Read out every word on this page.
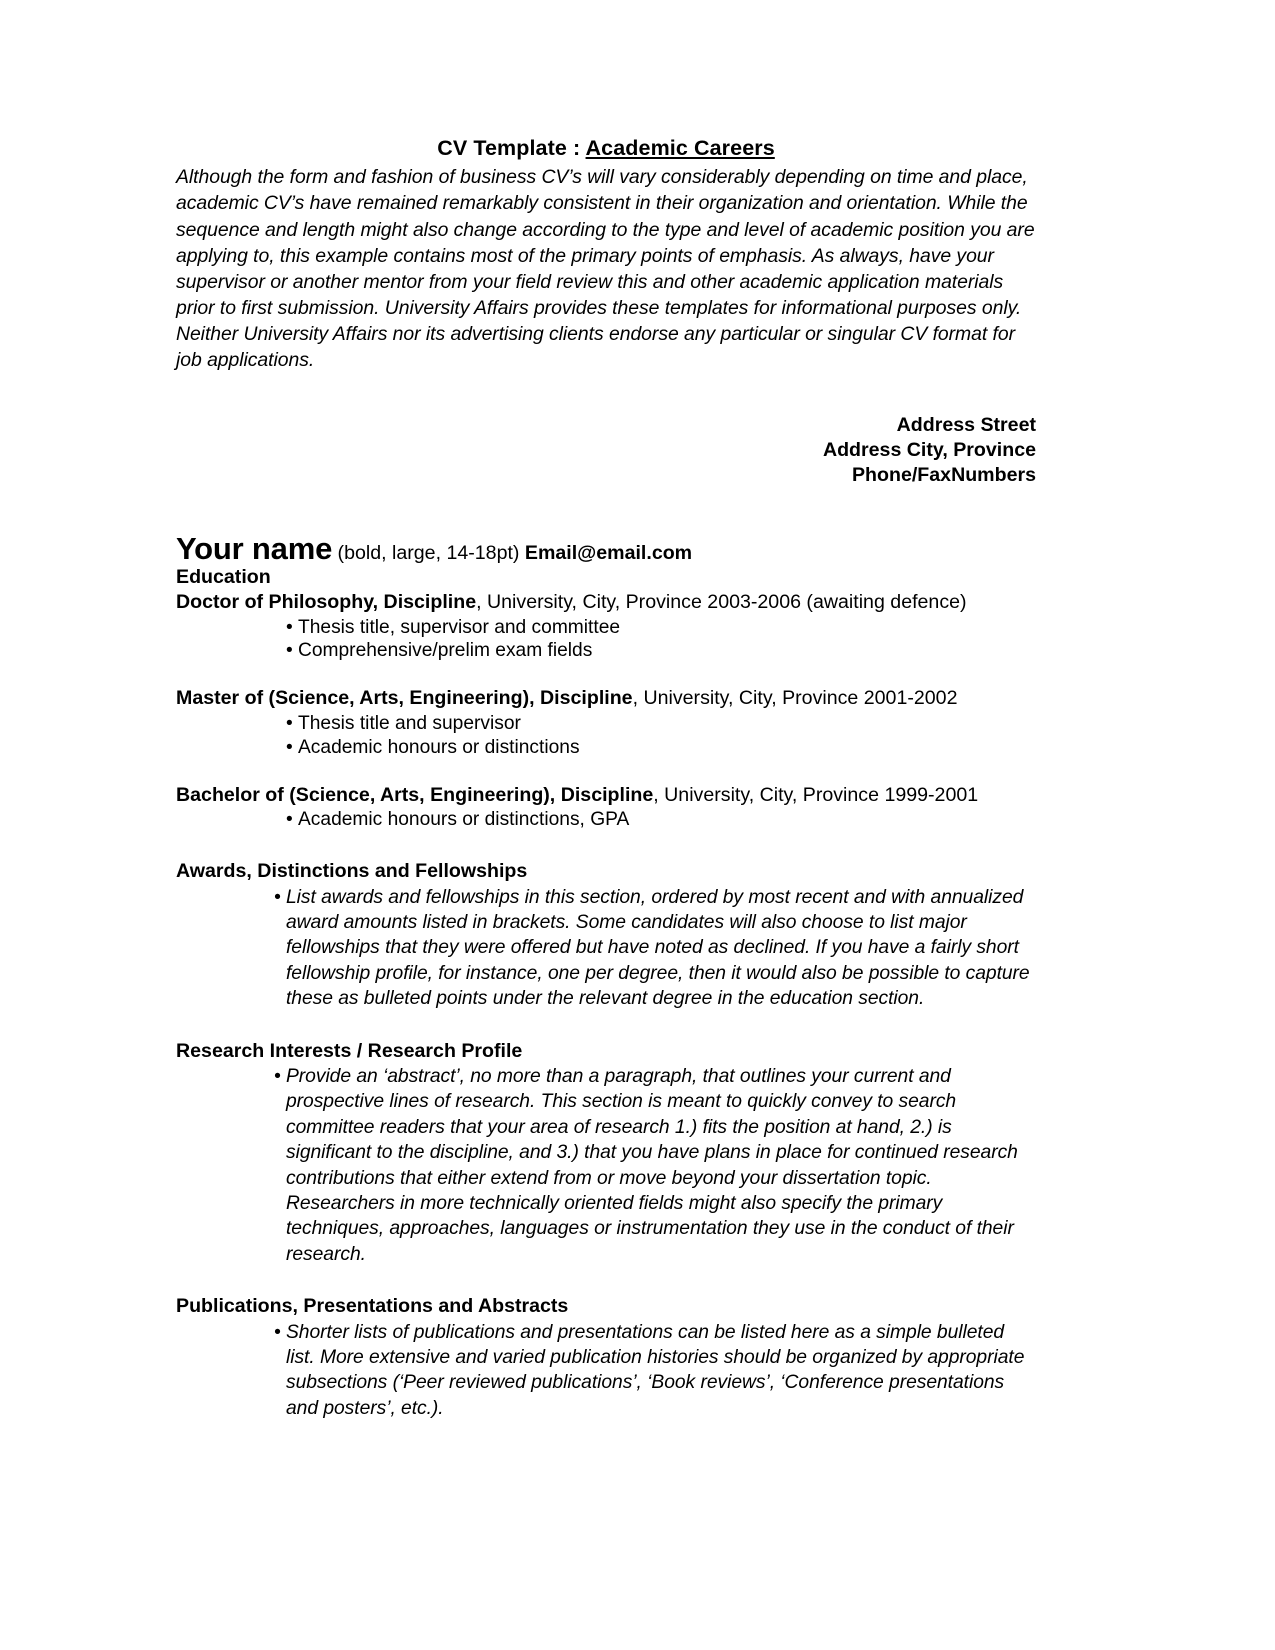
CV Template : Academic Careers

Although the form and fashion of business CV’s will vary considerably depending on time and place, academic CV’s have remained remarkably consistent in their organization and orientation. While the sequence and length might also change according to the type and level of academic position you are applying to, this example contains most of the primary points of emphasis. As always, have your supervisor or another mentor from your field review this and other academic application materials prior to first submission. University Affairs provides these templates for informational purposes only. Neither University Affairs nor its advertising clients endorse any particular or singular CV format for job applications.

Address Street
Address City, Province
Phone/FaxNumbers
Your name (bold, large, 14-18pt) Email@email.com
Education

Doctor of Philosophy, Discipline, University, City, Province 2003-2006 (awaiting defence)

• Thesis title, supervisor and committee
• Comprehensive/prelim exam fields

Master of (Science, Arts, Engineering), Discipline, University, City, Province 2001-2002

• Thesis title and supervisor
• Academic honours or distinctions

Bachelor of (Science, Arts, Engineering), Discipline, University, City, Province 1999-2001

• Academic honours or distinctions, GPA
Awards, Distinctions and Fellowships
• List awards and fellowships in this section, ordered by most recent and with annualized award amounts listed in brackets. Some candidates will also choose to list major fellowships that they were offered but have noted as declined. If you have a fairly short fellowship profile, for instance, one per degree, then it would also be possible to capture these as bulleted points under the relevant degree in the education section.
Research Interests / Research Profile
• Provide an ‘abstract’, no more than a paragraph, that outlines your current and prospective lines of research. This section is meant to quickly convey to search committee readers that your area of research 1.) fits the position at hand, 2.) is significant to the discipline, and 3.) that you have plans in place for continued research contributions that either extend from or move beyond your dissertation topic. Researchers in more technically oriented fields might also specify the primary techniques, approaches, languages or instrumentation they use in the conduct of their research.
Publications, Presentations and Abstracts
• Shorter lists of publications and presentations can be listed here as a simple bulleted list. More extensive and varied publication histories should be organized by appropriate subsections (‘Peer reviewed publications’, ‘Book reviews’, ‘Conference presentations and posters’, etc.).
